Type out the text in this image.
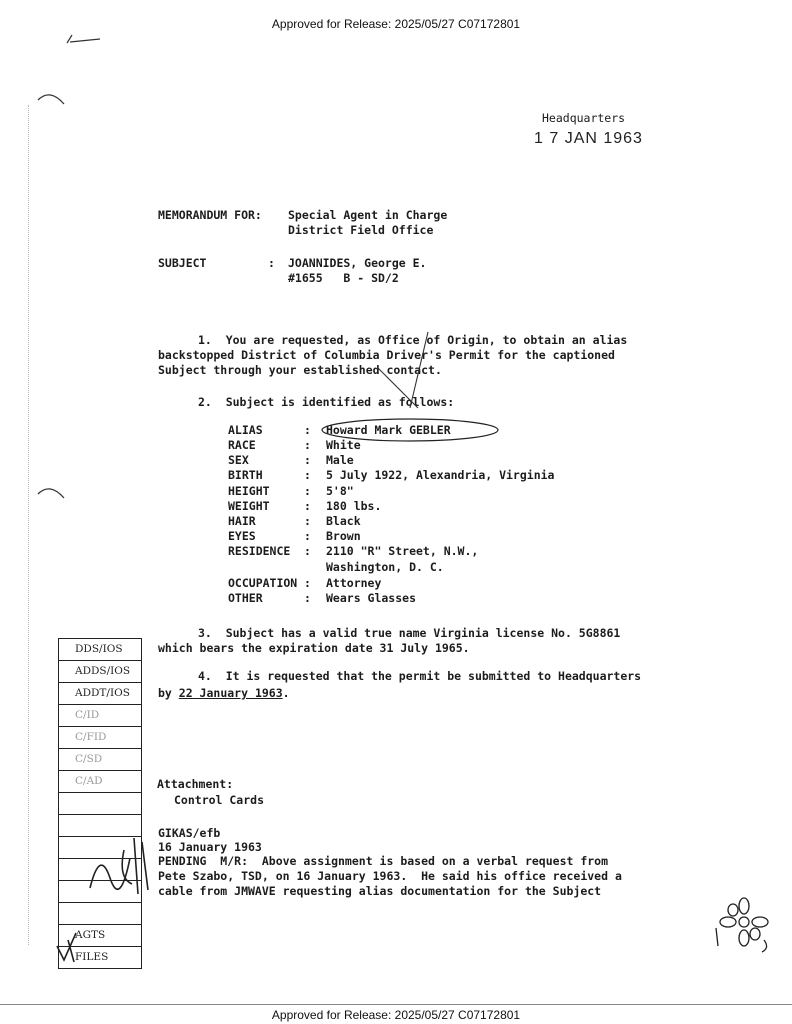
Approved for Release: 2025/05/27 C07172801
Approved for Release: 2025/05/27 C07172801
Headquarters
1 7 JAN 1963
MEMORANDUM FOR: Special Agent in Charge
District Field Office
SUBJECT	: JOANNIDES, George E.
#1655   B - SD/2
1.  You are requested, as Office of Origin, to obtain an alias
backstopped District of Columbia Driver's Permit for the captioned
Subject through your established contact.
2.  Subject is identified as follows:
ALIAS	: Howard Mark GEBLER
RACE	: White
SEX	: Male
BIRTH	: 5 July 1922, Alexandria, Virginia
HEIGHT	: 5'8"
WEIGHT	: 180 lbs.
HAIR	: Black
EYES	: Brown
RESIDENCE : 2110 "R" Street, N.W.,
Washington, D. C.
OCCUPATION : Attorney
OTHER	: Wears Glasses
3.  Subject has a valid true name Virginia license No. 5G8861
which bears the expiration date 31 July 1965.
4.  It is requested that the permit be submitted to Headquarters
by 22 January 1963.
DDS/IOS
ADDS/IOS
ADDT/IOS
C/ID
C/FID
C/SD
C/AD

AGTS
FILES
Attachment:
Control Cards
GIKAS/efb
16 January 1963
PENDING  M/R:  Above assignment is based on a verbal request from
Pete Szabo, TSD, on 16 January 1963.  He said his office received a
cable from JMWAVE requesting alias documentation for the Subject
